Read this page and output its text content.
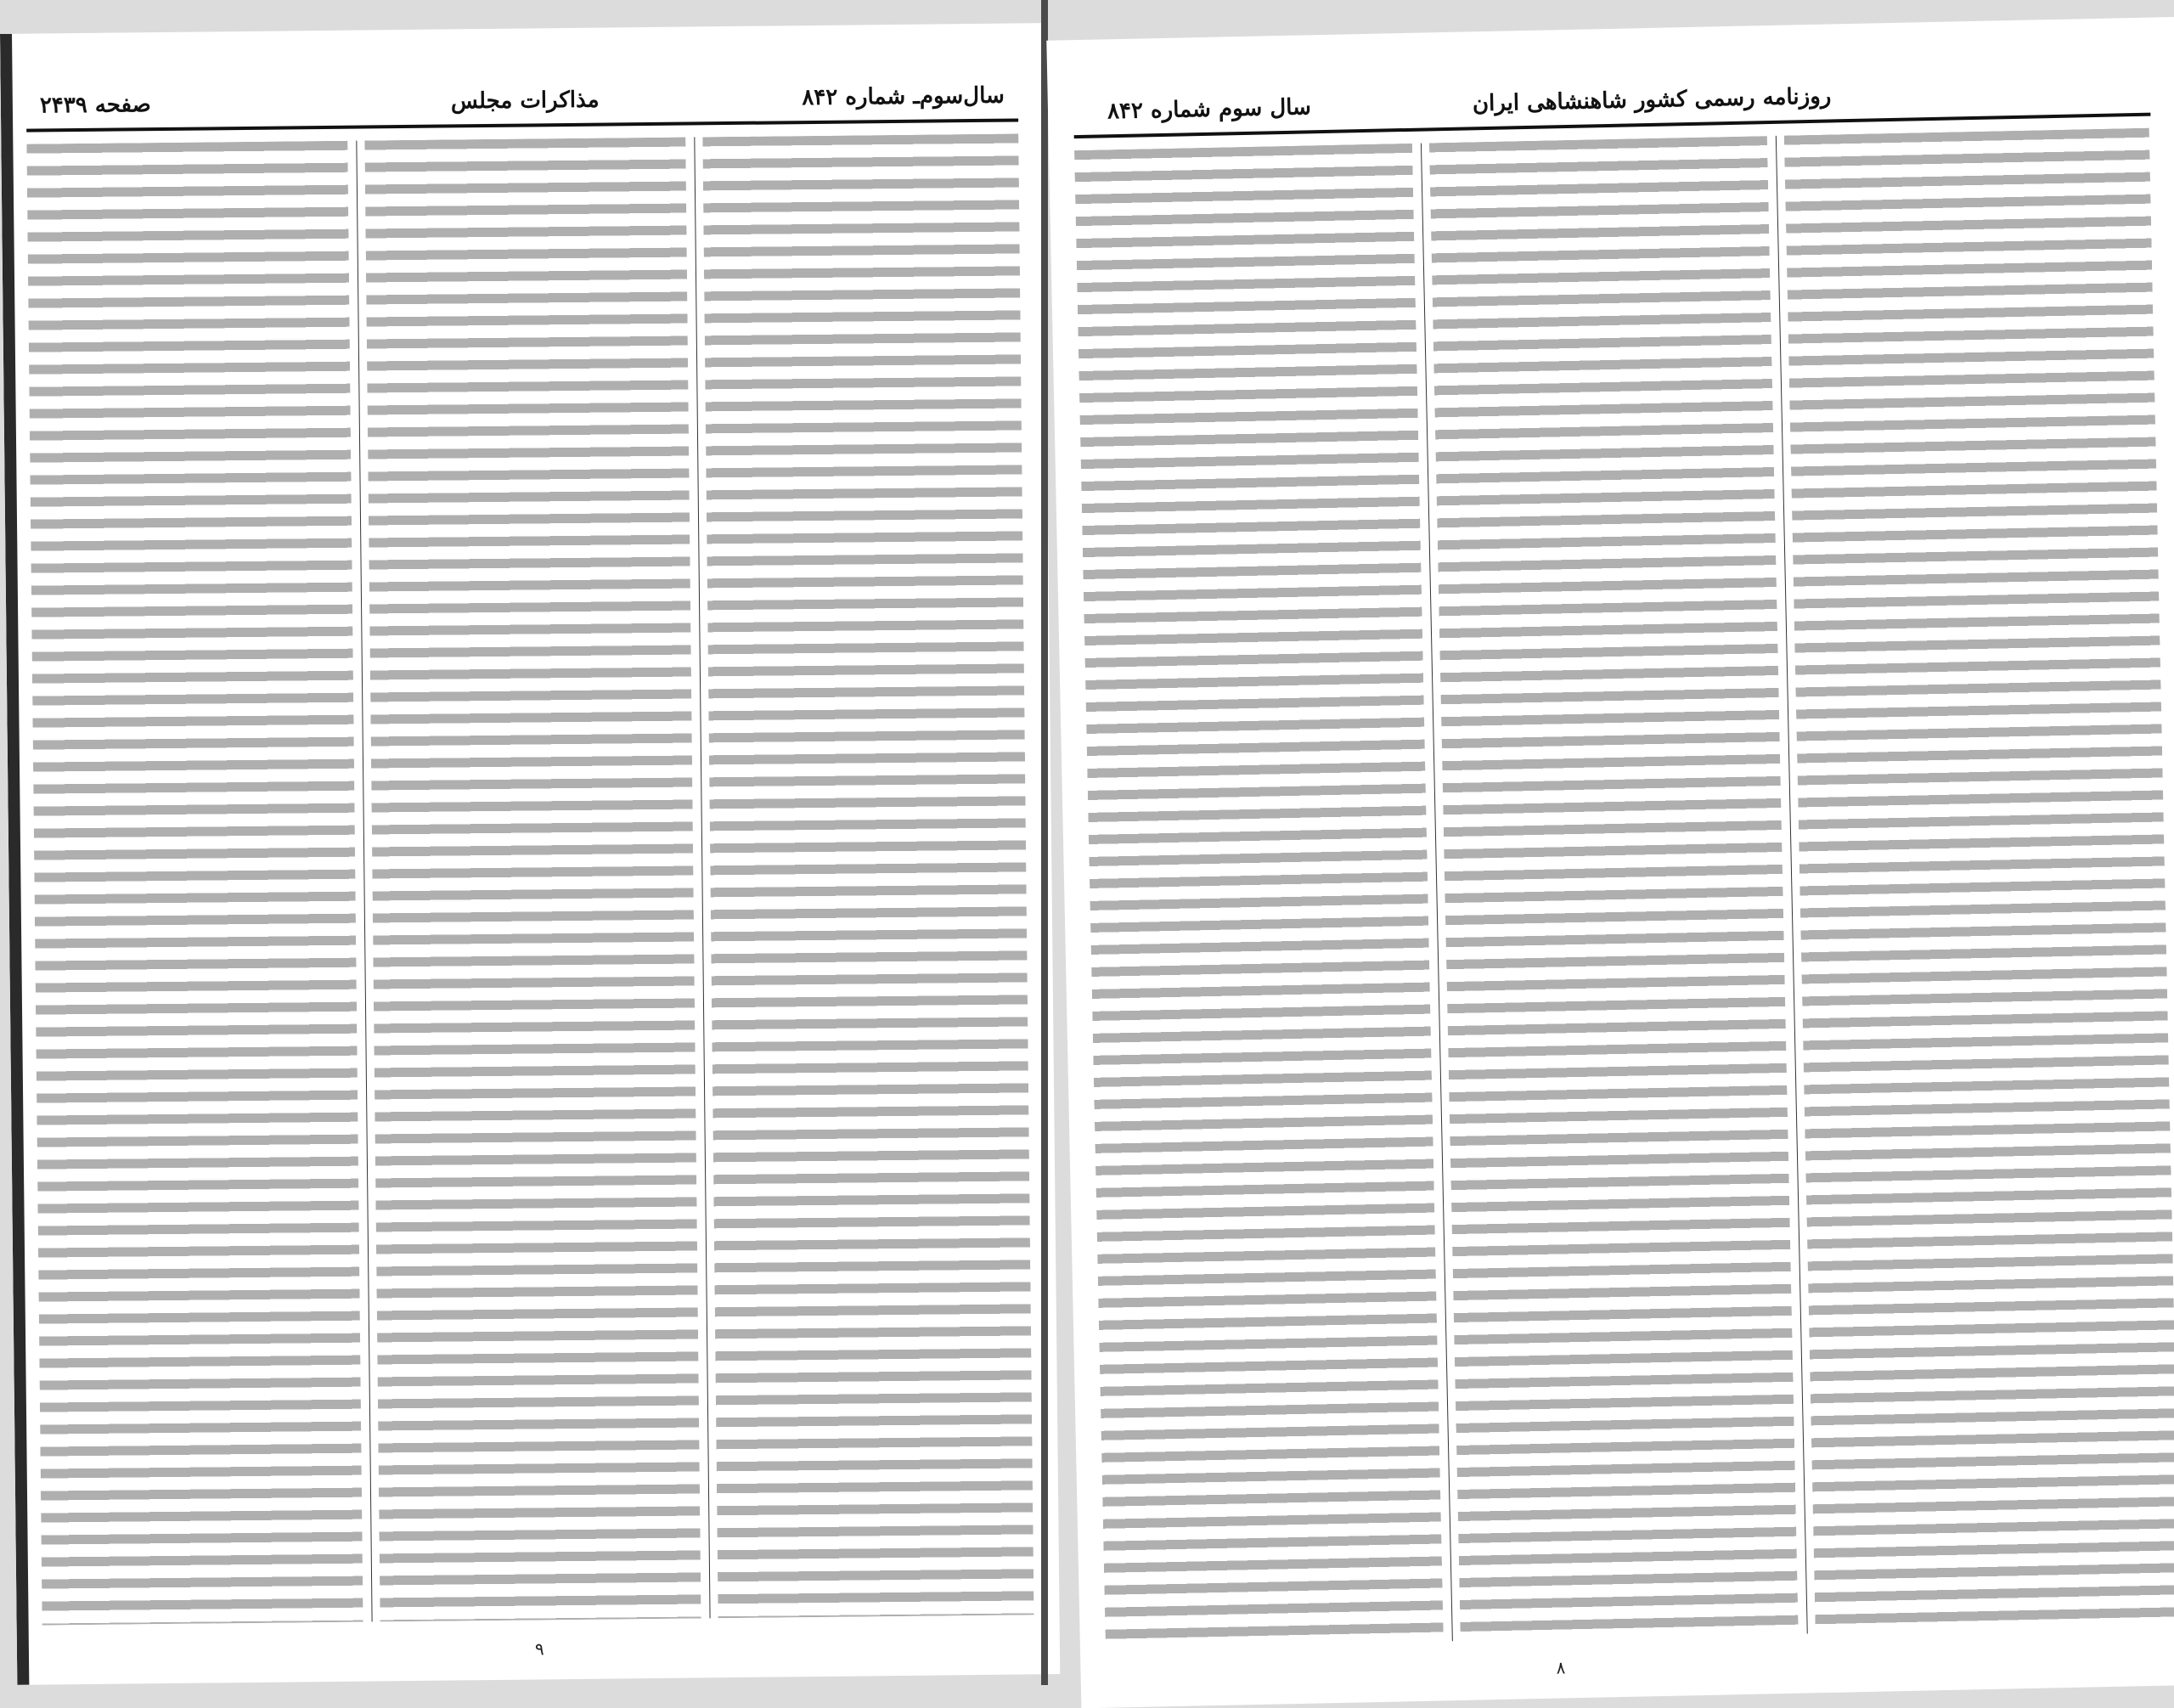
صفحه ۲۴۳۹	مذاکرات مجلس	سال‌سوم‌ـ شماره ۸۴۲
۹
سال سوم شماره ۸۴۲	روزنامه رسمی کشور شاهنشاهی ایران
۸
